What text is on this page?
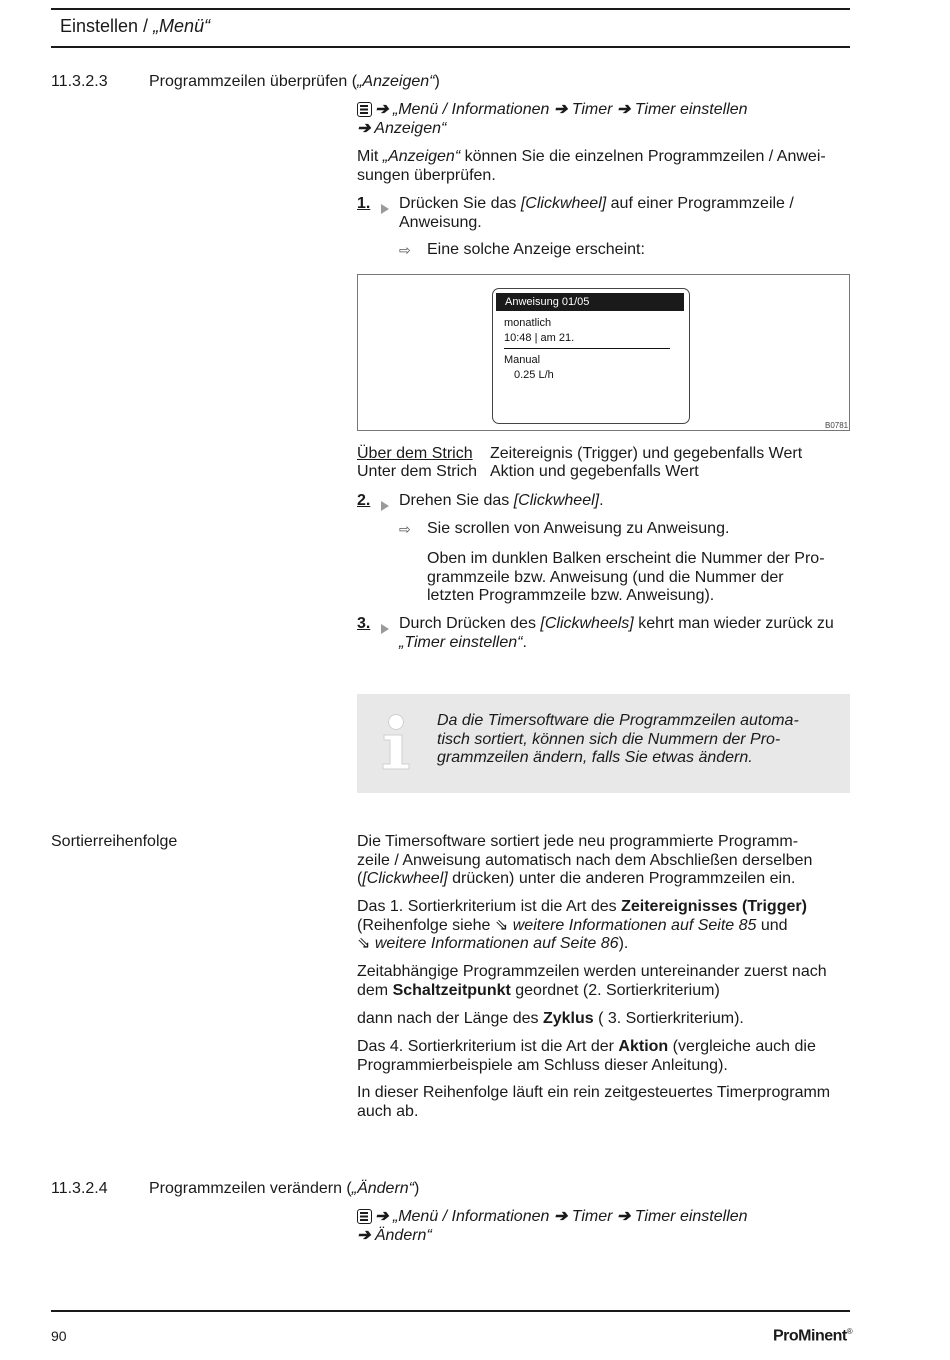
Einstellen / „Menü“
11.3.2.3	Programmzeilen überprüfen („Anzeigen“)
➔ „Menü / Informationen ➔ Timer ➔ Timer einstellen
➔ Anzeigen“
Mit „Anzeigen“ können Sie die einzelnen Programmzeilen / Anwei-
sungen überprüfen.
1. Drücken Sie das [Clickwheel] auf einer Programmzeile /
Anweisung.
⇨ Eine solche Anzeige erscheint:
Anweisung 01/05
monatlich
10:48 | am 21.
Manual
0.25 L/h
B0781
Über dem Strich Zeitereignis (Trigger) und gegebenfalls Wert
Unter dem Strich Aktion und gegebenfalls Wert
2. Drehen Sie das [Clickwheel].
⇨ Sie scrollen von Anweisung zu Anweisung.
Oben im dunklen Balken erscheint die Nummer der Pro-
grammzeile bzw. Anweisung (und die Nummer der
letzten Programmzeile bzw. Anweisung).
3. Durch Drücken des [Clickwheels] kehrt man wieder zurück zu
„Timer einstellen“.
Da die Timersoftware die Programmzeilen automa-
tisch sortiert, können sich die Nummern der Pro-
grammzeilen ändern, falls Sie etwas ändern.
Sortierreihenfolge	Die Timersoftware sortiert jede neu programmierte Programm-
zeile / Anweisung automatisch nach dem Abschließen derselben
([Clickwheel] drücken) unter die anderen Programmzeilen ein.
Das 1. Sortierkriterium ist die Art des Zeitereignisses (Trigger)
(Reihenfolge siehe ⇘ weitere Informationen auf Seite 85 und
⇘ weitere Informationen auf Seite 86).
Zeitabhängige Programmzeilen werden untereinander zuerst nach
dem Schaltzeitpunkt geordnet (2. Sortierkriterium)
dann nach der Länge des Zyklus ( 3. Sortierkriterium).
Das 4. Sortierkriterium ist die Art der Aktion (vergleiche auch die
Programmierbeispiele am Schluss dieser Anleitung).
In dieser Reihenfolge läuft ein rein zeitgesteuertes Timerprogramm
auch ab.
11.3.2.4	Programmzeilen verändern („Ändern“)
➔ „Menü / Informationen ➔ Timer ➔ Timer einstellen
➔ Ändern“
90	ProMinent®
